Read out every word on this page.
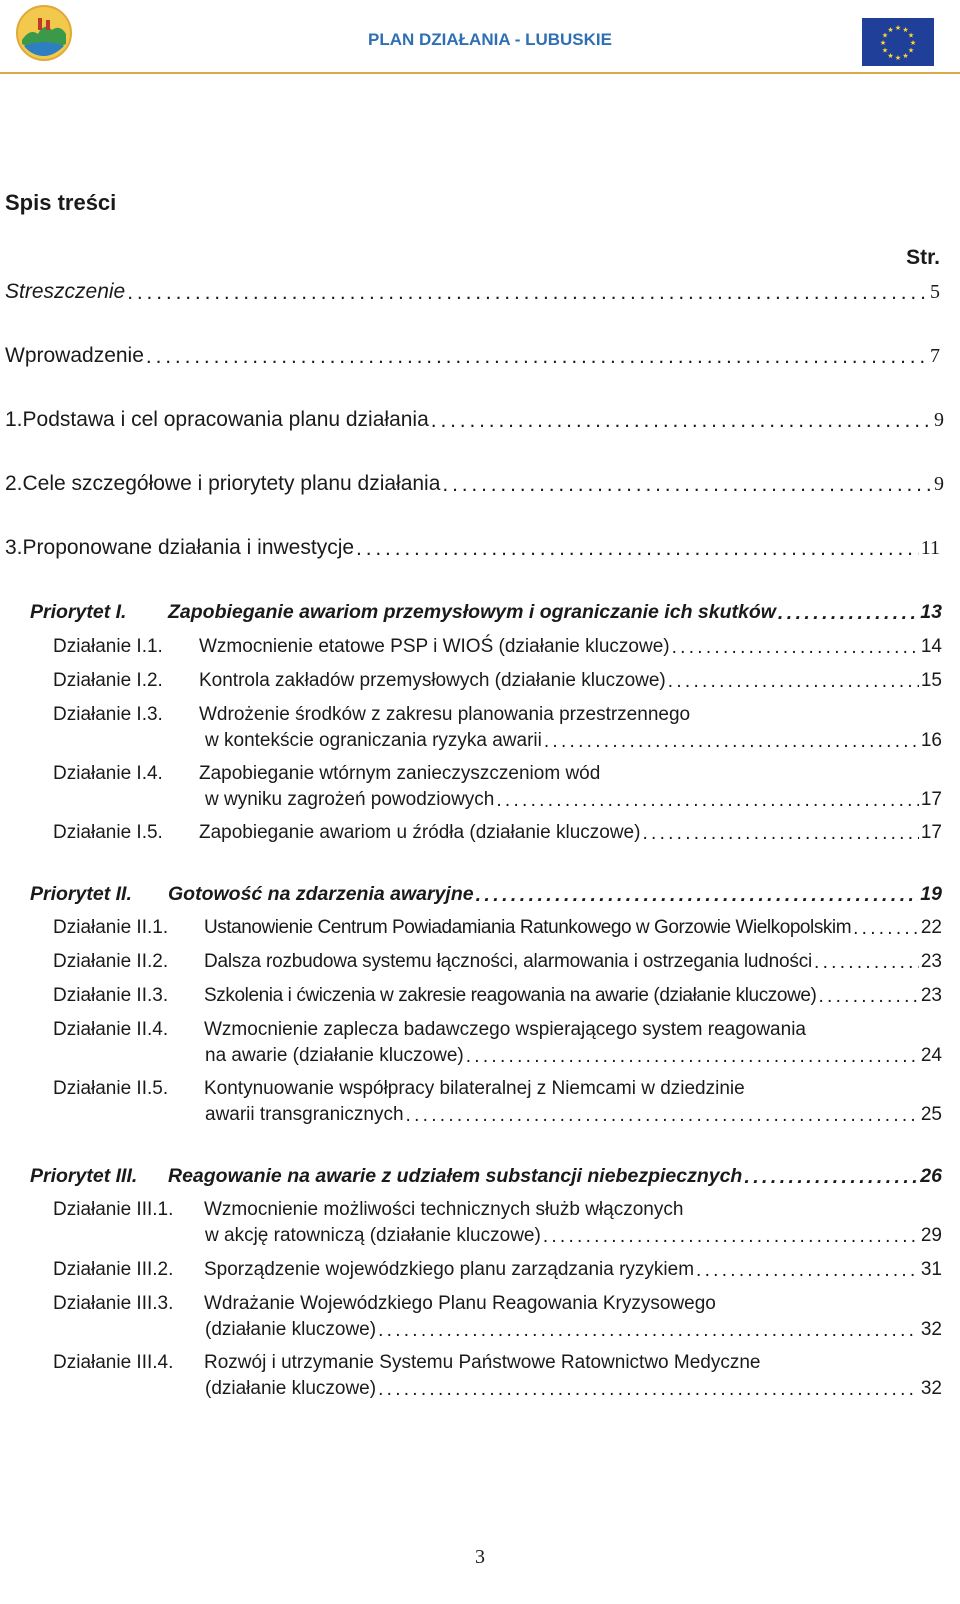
PLAN DZIAŁANIA - LUBUSKIE
★ ★
★
★
★
★
★
★
★
★
★
★
Spis treści
Str.
Streszczenie . . .	5
Wprowadzenie . . .	7
1. Podstawa i cel opracowania planu działania . . .	9
2. Cele szczegółowe i priorytety planu działania . . .	9
3. Proponowane działania i inwestycje . . .	11
Priorytet I.	Zapobieganie awariom przemysłowym i ograniczanie ich skutków . . .	13
Działanie I.1.	Wzmocnienie etatowe PSP i WIOŚ (działanie kluczowe) . . .	14
Działanie I.2.	Kontrola zakładów przemysłowych (działanie kluczowe) . . .	15
Działanie I.3. Wdrożenie środków z zakresu planowania przestrzennego
w kontekście ograniczania ryzyka awarii . . .	16
Działanie I.4. Zapobieganie wtórnym zanieczyszczeniom wód
w wyniku zagrożeń powodziowych . . .	17
Działanie I.5.	Zapobieganie awariom u źródła (działanie kluczowe) . . .	17
Priorytet II.	Gotowość na zdarzenia awaryjne . . .	19
Działanie II.1.	Ustanowienie Centrum Powiadamiania Ratunkowego w Gorzowie Wielkopolskim . . .	22
Działanie II.2.	Dalsza rozbudowa systemu łączności, alarmowania i ostrzegania ludności . . .	23
Działanie II.3.	Szkolenia i ćwiczenia w zakresie reagowania na awarie (działanie kluczowe) . . .	23
Działanie II.4. Wzmocnienie zaplecza badawczego wspierającego system reagowania
na awarie (działanie kluczowe) . . .	24
Działanie II.5. Kontynuowanie współpracy bilateralnej z Niemcami w dziedzinie
awarii transgranicznych . . .	25
Priorytet III.	Reagowanie na awarie z udziałem substancji niebezpiecznych . . .	26
Działanie III.1. Wzmocnienie możliwości technicznych służb włączonych
w akcję ratowniczą (działanie kluczowe) . . .	29
Działanie III.2.	Sporządzenie wojewódzkiego planu zarządzania ryzykiem . . .	31
Działanie III.3. Wdrażanie Wojewódzkiego Planu Reagowania Kryzysowego
(działanie kluczowe) . . .	32
Działanie III.4. Rozwój i utrzymanie Systemu Państwowe Ratownictwo Medyczne
(działanie kluczowe) . . .	32
3
